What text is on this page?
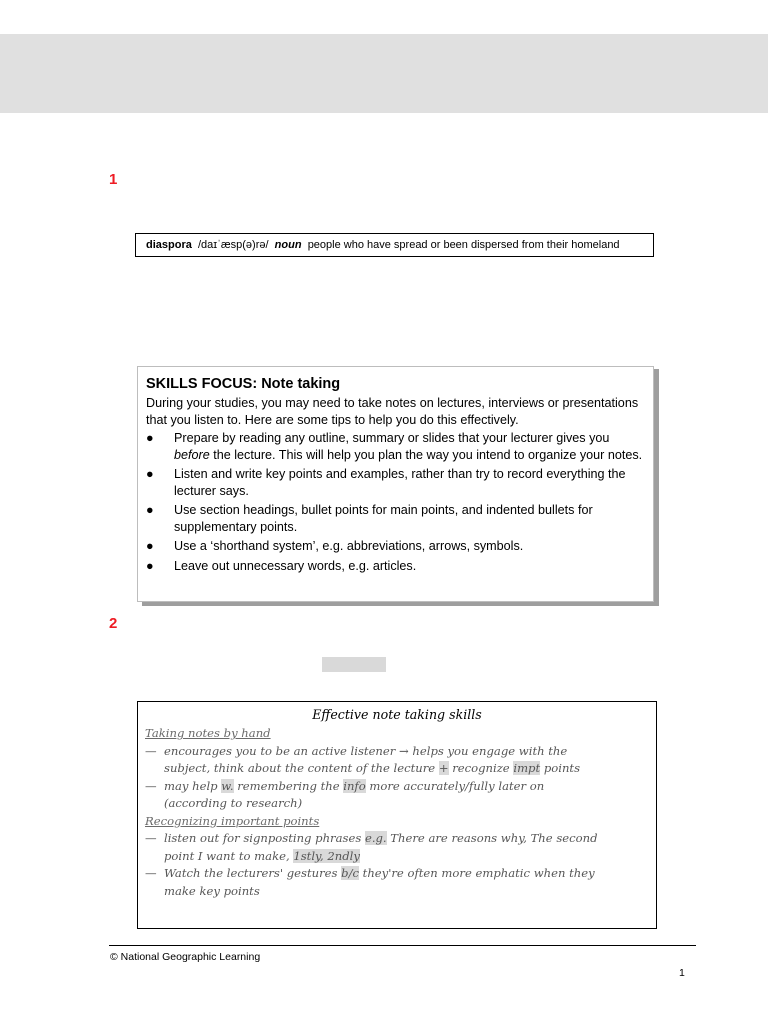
1
diaspora /daɪˈæsp(ə)rə/ noun people who have spread or been dispersed from their homeland
SKILLS FOCUS: Note taking
During your studies, you may need to take notes on lectures, interviews or presentations that you listen to. Here are some tips to help you do this effectively.
● Prepare by reading any outline, summary or slides that your lecturer gives you before the lecture. This will help you plan the way you intend to organize your notes.
● Listen and write key points and examples, rather than try to record everything the lecturer says.
● Use section headings, bullet points for main points, and indented bullets for supplementary points.
● Use a ‘shorthand system’, e.g. abbreviations, arrows, symbols.
● Leave out unnecessary words, e.g. articles.
2
Effective note taking skills
Taking notes by hand
— encourages you to be an active listener → helps you engage with the
subject, think about the content of the lecture + recognize impt points
— may help w. remembering the info more accurately/fully later on
(according to research)
Recognizing important points
— listen out for signposting phrases e.g. There are reasons why, The second
point I want to make, 1stly, 2ndly
— Watch the lecturers' gestures b/c they're often more emphatic when they
make key points
© National Geographic Learning
1
